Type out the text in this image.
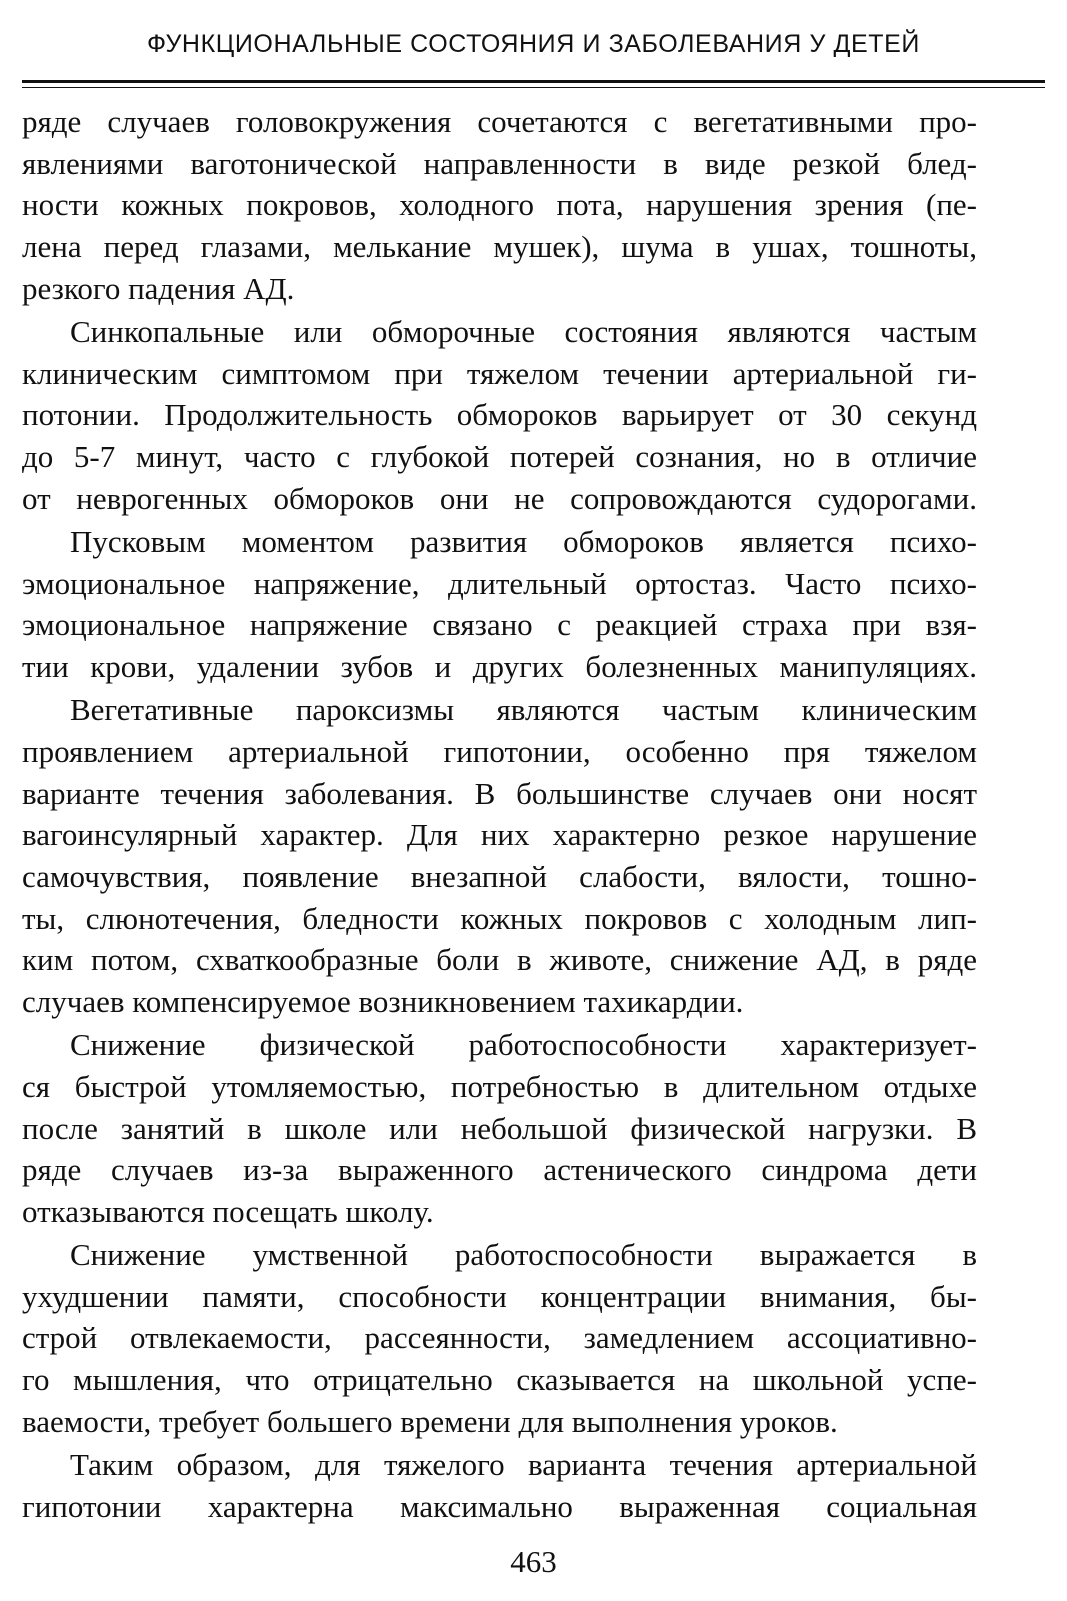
ФУНКЦИОНАЛЬНЫЕ СОСТОЯНИЯ И ЗАБОЛЕВАНИЯ У ДЕТЕЙ
ряде случаев головокружения сочетаются с вегетативными про-
явлениями ваготонической направленности в виде резкой блед-
ности кожных покровов, холодного пота, нарушения зрения (пе-
лена перед глазами, мелькание мушек), шума в ушах, тошноты,
резкого падения АД.
Синкопальные или обморочные состояния являются частым
клиническим симптомом при тяжелом течении артериальной ги-
потонии. Продолжительность обмороков варьирует от 30 секунд
до 5-7 минут, часто с глубокой потерей сознания, но в отличие
от неврогенных обмороков они не сопровождаются судорогами.
Пусковым моментом развития обмороков является психо-
эмоциональное напряжение, длительный ортостаз. Часто психо-
эмоциональное напряжение связано с реакцией страха при взя-
тии крови, удалении зубов и других болезненных манипуляциях.
Вегетативные пароксизмы являются частым клиническим
проявлением артериальной гипотонии, особенно пря тяжелом
варианте течения заболевания. В большинстве случаев они носят
вагоинсулярный характер. Для них характерно резкое нарушение
самочувствия, появление внезапной слабости, вялости, тошно-
ты, слюнотечения, бледности кожных покровов с холодным лип-
ким потом, схваткообразные боли в животе, снижение АД, в ряде
случаев компенсируемое возникновением тахикардии.
Снижение физической работоспособности характеризует-
ся быстрой утомляемостью, потребностью в длительном отдыхе
после занятий в школе или небольшой физической нагрузки. В
ряде случаев из-за выраженного астенического синдрома дети
отказываются посещать школу.
Снижение умственной работоспособности выражается в
ухудшении памяти, способности концентрации внимания, бы-
строй отвлекаемости, рассеянности, замедлением ассоциативно-
го мышления, что отрицательно сказывается на школьной успе-
ваемости, требует большего времени для выполнения уроков.
Таким образом, для тяжелого варианта течения артериальной
гипотонии характерна максимально выраженная социальная
463
